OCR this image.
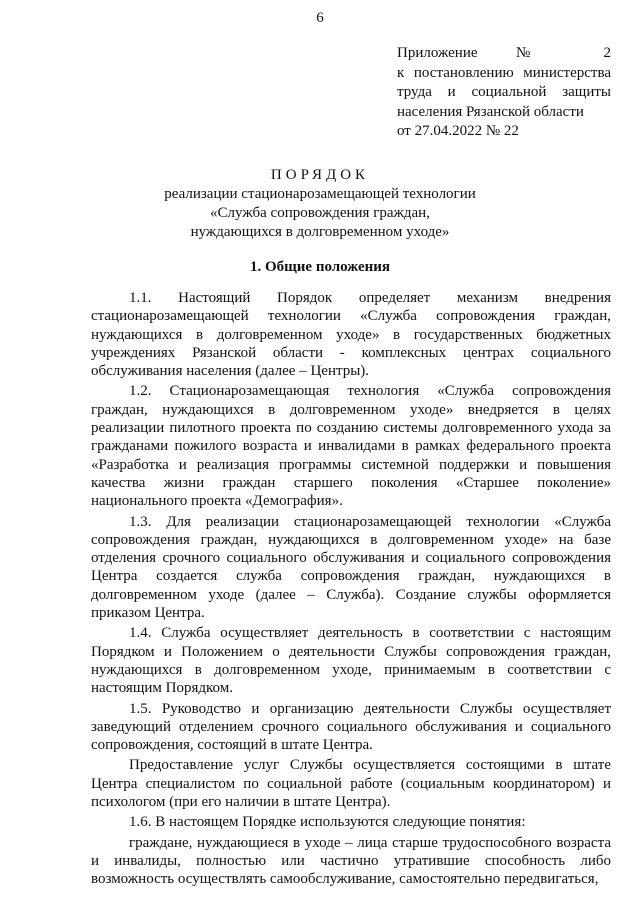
6

Приложение № 2
к постановлению министерства
труда и социальной защиты
населения Рязанской области
от 27.04.2022 № 22

ПОРЯДОК

реализации стационарозамещающей технологии

«Служба сопровождения граждан,

нуждающихся в долговременном уходе»

1. Общие положения

1.1. Настоящий Порядок определяет механизм внедрения стационарозамещающей технологии «Служба сопровождения граждан, нуждающихся в долговременном уходе» в государственных бюджетных учреждениях Рязанской области - комплексных центрах социального обслуживания населения (далее – Центры).

1.2. Стационарозамещающая технология «Служба сопровождения граждан, нуждающихся в долговременном уходе» внедряется в целях реализации пилотного проекта по созданию системы долговременного ухода за гражданами пожилого возраста и инвалидами в рамках федерального проекта «Разработка и реализация программы системной поддержки и повышения качества жизни граждан старшего поколения «Старшее поколение» национального проекта «Демография».

1.3. Для реализации стационарозамещающей технологии «Служба сопровождения граждан, нуждающихся в долговременном уходе» на базе отделения срочного социального обслуживания и социального сопровождения Центра создается служба сопровождения граждан, нуждающихся в долговременном уходе (далее – Служба). Создание службы оформляется приказом Центра.

1.4. Служба осуществляет деятельность в соответствии с настоящим Порядком и Положением о деятельности Службы сопровождения граждан, нуждающихся в долговременном уходе, принимаемым в соответствии с настоящим Порядком.

1.5. Руководство и организацию деятельности Службы осуществляет заведующий отделением срочного социального обслуживания и социального сопровождения, состоящий в штате Центра.

Предоставление услуг Службы осуществляется состоящими в штате Центра специалистом по социальной работе (социальным координатором) и психологом (при его наличии в штате Центра).

1.6. В настоящем Порядке используются следующие понятия:

граждане, нуждающиеся в уходе – лица старше трудоспособного возраста и инвалиды, полностью или частично утратившие способность либо возможность осуществлять самообслуживание, самостоятельно передвигаться,
